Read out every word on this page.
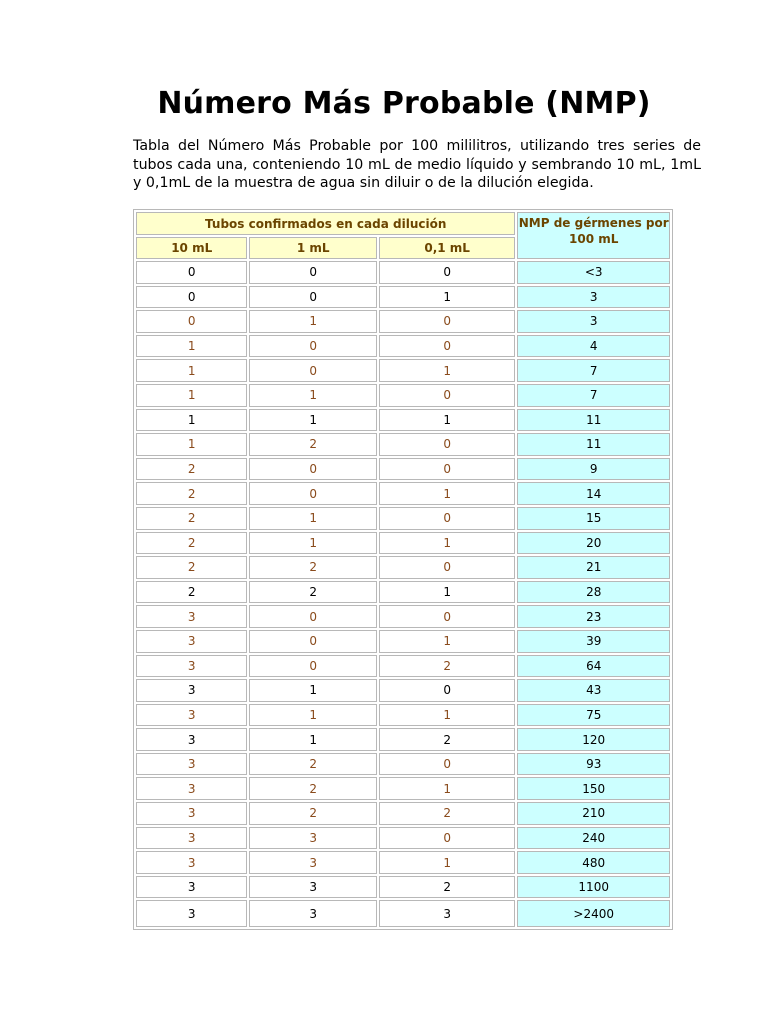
Número Más Probable (NMP)
Tabla del Número Más Probable por 100 mililitros, utilizando tres series de tubos cada una, conteniendo 10 mL de medio líquido y sembrando 10 mL, 1mL y 0,1mL de la muestra de agua sin diluir o de la dilución elegida.
Tubos confirmados en cada dilución			NMP de gérmenes por 100 mL
10 mL	1 mL	0,1 mL	
0	0	0	<3
0	0	1	3
0	1	0	3
1	0	0	4
1	0	1	7
1	1	0	7
1	1	1	11
1	2	0	11
2	0	0	9
2	0	1	14
2	1	0	15
2	1	1	20
2	2	0	21
2	2	1	28
3	0	0	23
3	0	1	39
3	0	2	64
3	1	0	43
3	1	1	75
3	1	2	120
3	2	0	93
3	2	1	150
3	2	2	210
3	3	0	240
3	3	1	480
3	3	2	1100
3	3	3	>2400
